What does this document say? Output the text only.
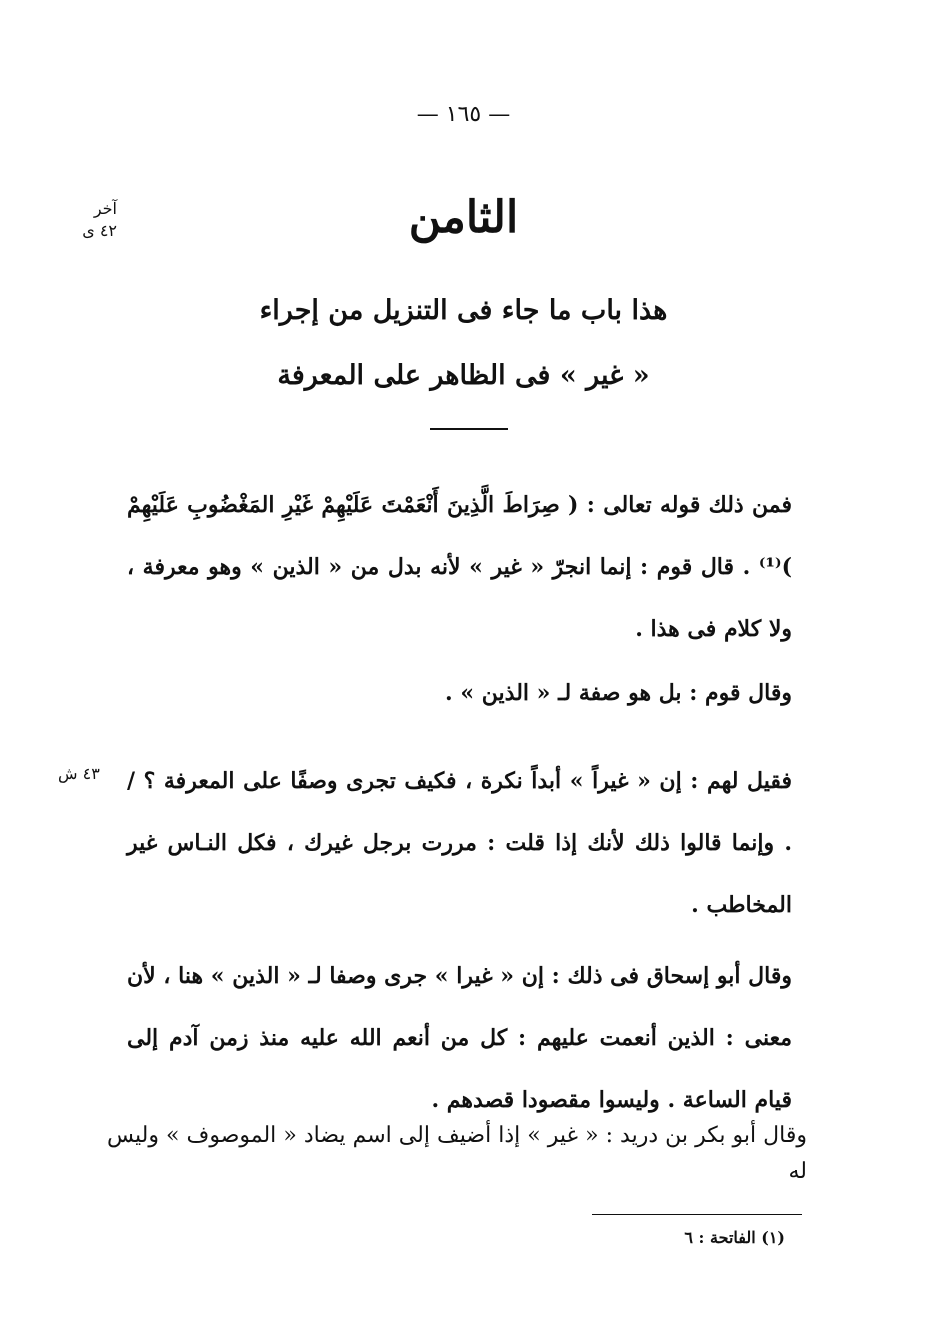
— ١٦٥ —
آخر
٤٢ ى
٤٣ ش
الثامن
هذا باب ما جاء فى التنزيل من إجراء
« غير » فى الظاهر على المعرفة
فمن ذلك قوله تعالى : ( صِرَاطَ الَّذِينَ أَنْعَمْتَ عَلَيْهِمْ غَيْرِ المَغْضُوبِ عَلَيْهِمْ )⁽¹⁾ . قال قوم : إنما انجرّ « غير » لأنه بدل من « الذين » وهو معرفة ، ولا كلام فى هذا .
وقال قوم : بل هو صفة لـ « الذين » .
فقيل لهم : إن « غيراً » أبداً نكرة ، فكيف تجرى وصفًا على المعرفة ؟ / . وإنما قالوا ذلك لأنك إذا قلت : مررت برجل غيرك ، فكل النـاس غير المخاطب .
وقال أبو إسحاق فى ذلك : إن « غيرا » جرى وصفا لـ « الذين » هنا ، لأن معنى : الذين أنعمت عليهم : كل من أنعم الله عليه منذ زمن آدم إلى قيام الساعة . وليسوا مقصودا قصدهم .
وقال أبو بكر بن دريد : « غير » إذا أضيف إلى اسم يضاد « الموصوف » وليس له
(١) الفاتحة : ٦
